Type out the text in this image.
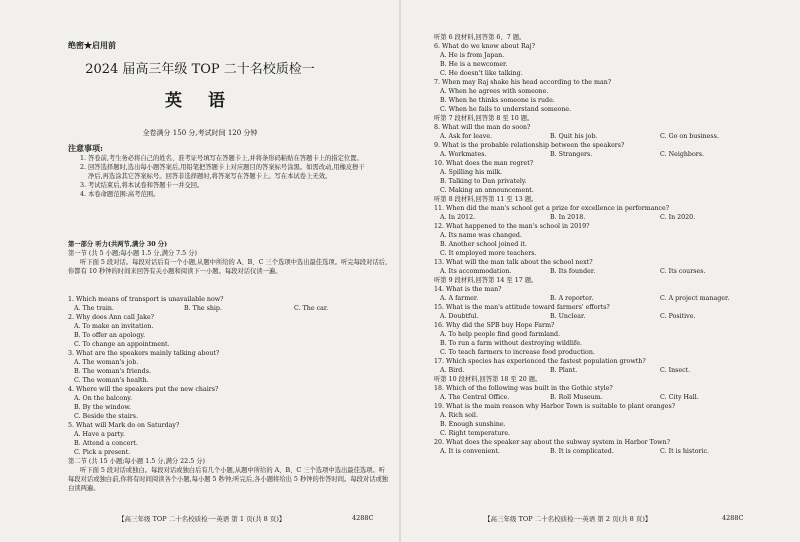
绝密★启用前
2024 届高三年级 TOP 二十名校质检一
英 语
全卷满分 150 分,考试时间 120 分钟
注意事项:
1. 答卷前,考生务必将自己的姓名、准考证号填写在答题卡上,并将条形码粘贴在答题卡上的指定位置。
2. 回答选择题时,选出每小题答案后,用铅笔把答题卡上对应题目的答案标号涂黑。如需改动,用橡皮擦干净后,再选涂其它答案标号。回答非选择题时,将答案写在答题卡上。写在本试卷上无效。
3. 考试结束后,将本试卷和答题卡一并交回。
4. 本卷命题范围:高考范围。
第一部分 听力(共两节,满分 30 分)
第一节 (共 5 小题;每小题 1.5 分,满分 7.5 分)
听下面 5 段对话。每段对话后有一个小题,从题中所给的 A、B、C 三个选项中选出最佳选项。听完每段对话后,你都有 10 秒钟的时间来回答有关小题和阅读下一小题。每段对话仅读一遍。
1. Which means of transport is unavailable now?
A. The train.	B. The ship.	C. The car.
2. Why does Ann call Jake?
A. To make an invitation.
B. To offer an apology.
C. To change an appointment.
3. What are the speakers mainly talking about?
A. The woman's job.
B. The woman's friends.
C. The woman's health.
4. Where will the speakers put the new chairs?
A. On the balcony.
B. By the window.
C. Beside the stairs.
5. What will Mark do on Saturday?
A. Have a party.
B. Attend a concert.
C. Pick a present.
第二节 (共 15 小题;每小题 1.5 分,满分 22.5 分)
听下面 5 段对话或独白。每段对话或独白后有几个小题,从题中所给的 A、B、C 三个选项中选出最佳选项。听每段对话或独白前,你将有时间阅读各个小题,每小题 5 秒钟;听完后,各小题将给出 5 秒钟的作答时间。每段对话或独白读两遍。
【高三年级 TOP 二十名校质检一·英语 第 1 页(共 8 页)】	4288C
听第 6 段材料,回答第 6、7 题。
6. What do we know about Raj?
A. He is from Japan.
B. He is a newcomer.
C. He doesn't like talking.
7. When may Raj shake his head according to the man?
A. When he agrees with someone.
B. When he thinks someone is rude.
C. When he fails to understand someone.
听第 7 段材料,回答第 8 至 10 题。
8. What will the man do soon?
A. Ask for leave.	B. Quit his job.	C. Go on business.
9. What is the probable relationship between the speakers?
A. Workmates.	B. Strangers.	C. Neighbors.
10. What does the man regret?
A. Spilling his milk.
B. Talking to Dan privately.
C. Making an announcement.
听第 8 段材料,回答第 11 至 13 题。
11. When did the man's school get a prize for excellence in performance?
A. In 2012.	B. In 2018.	C. In 2020.
12. What happened to the man's school in 2019?
A. Its name was changed.
B. Another school joined it.
C. It employed more teachers.
13. What will the man talk about the school next?
A. Its accommodation.	B. Its founder.	C. Its courses.
听第 9 段材料,回答第 14 至 17 题。
14. What is the man?
A. A farmer.	B. A reporter.	C. A project manager.
15. What is the man's attitude toward farmers' efforts?
A. Doubtful.	B. Unclear.	C. Positive.
16. Why did the SPB buy Hope Farm?
A. To help people find good farmland.
B. To run a farm without destroying wildlife.
C. To teach farmers to increase food production.
17. Which species has experienced the fastest population growth?
A. Bird.	B. Plant.	C. Insect.
听第 10 段材料,回答第 18 至 20 题。
18. Which of the following was built in the Gothic style?
A. The Central Office.	B. Roll Museum.	C. City Hall.
19. What is the main reason why Harbor Town is suitable to plant oranges?
A. Rich soil.
B. Enough sunshine.
C. Right temperature.
20. What does the speaker say about the subway system in Harbor Town?
A. It is convenient.	B. It is complicated.	C. It is historic.
【高三年级 TOP 二十名校质检一·英语 第 2 页(共 8 页)】	4288C
